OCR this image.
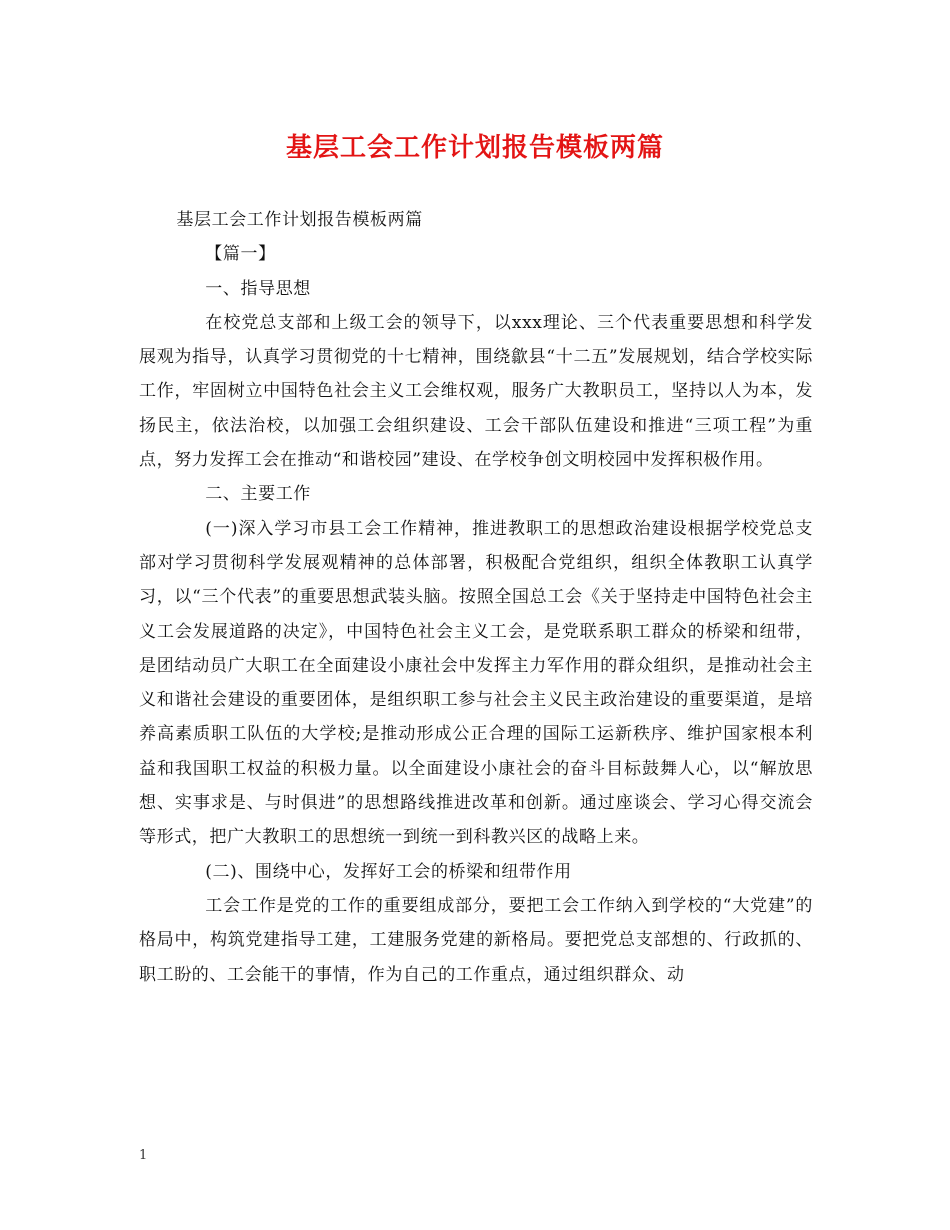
基层工会工作计划报告模板两篇

基层工会工作计划报告模板两篇

【篇一】

一、指导思想

在校党总支部和上级工会的领导下，以xxx理论、三个代表重要思想和科学发展观为指导，认真学习贯彻党的十七精神，围绕歙县“十二五”发展规划，结合学校实际工作，牢固树立中国特色社会主义工会维权观，服务广大教职员工，坚持以人为本，发扬民主，依法治校，以加强工会组织建设、工会干部队伍建设和推进“三项工程”为重点，努力发挥工会在推动“和谐校园”建设、在学校争创文明校园中发挥积极作用。

二、主要工作

(一)深入学习市县工会工作精神，推进教职工的思想政治建设根据学校党总支部对学习贯彻科学发展观精神的总体部署，积极配合党组织，组织全体教职工认真学习，以“三个代表”的重要思想武装头脑。按照全国总工会《关于坚持走中国特色社会主义工会发展道路的决定》，中国特色社会主义工会，是党联系职工群众的桥梁和纽带，是团结动员广大职工在全面建设小康社会中发挥主力军作用的群众组织，是推动社会主义和谐社会建设的重要团体，是组织职工参与社会主义民主政治建设的重要渠道，是培养高素质职工队伍的大学校;是推动形成公正合理的国际工运新秩序、维护国家根本利益和我国职工权益的积极力量。以全面建设小康社会的奋斗目标鼓舞人心，以“解放思想、实事求是、与时俱进”的思想路线推进改革和创新。通过座谈会、学习心得交流会等形式，把广大教职工的思想统一到统一到科教兴区的战略上来。

(二)、围绕中心，发挥好工会的桥梁和纽带作用

工会工作是党的工作的重要组成部分，要把工会工作纳入到学校的“大党建”的格局中，构筑党建指导工建，工建服务党建的新格局。要把党总支部想的、行政抓的、职工盼的、工会能干的事情，作为自己的工作重点，通过组织群众、动

1
